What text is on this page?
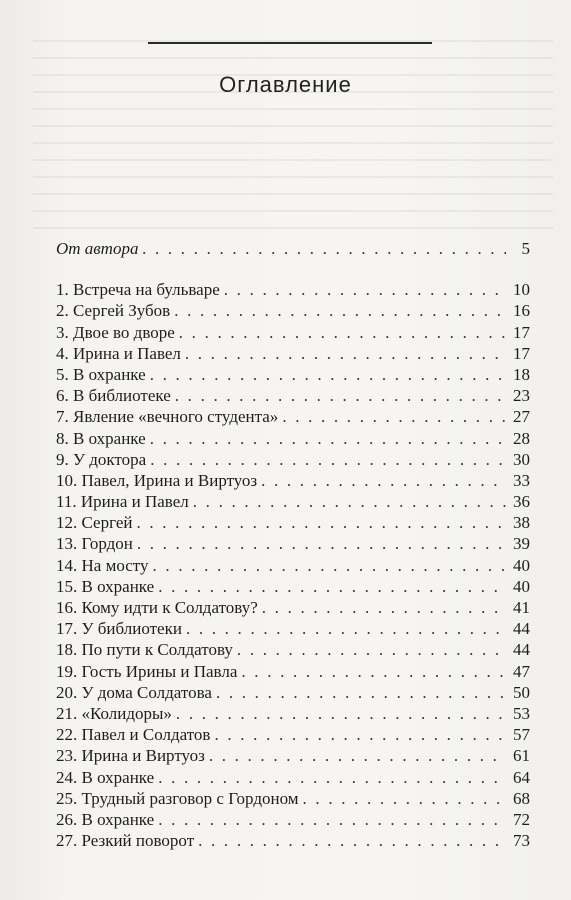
Оглавление
От автора . . .	5
1. Встреча на бульваре . . .	10
2. Сергей Зубов . . .	16
3. Двое во дворе . . .	17
4. Ирина и Павел . . .	17
5. В охранке . . .	18
6. В библиотеке . . .	23
7. Явление «вечного студента» . . .	27
8. В охранке . . .	28
9. У доктора . . .	30
10. Павел, Ирина и Виртуоз . . .	33
11. Ирина и Павел . . .	36
12. Сергей . . .	38
13. Гордон . . .	39
14. На мосту . . .	40
15. В охранке . . .	40
16. Кому идти к Солдатову? . . .	41
17. У библиотеки . . .	44
18. По пути к Солдатову . . .	44
19. Гость Ирины и Павла . . .	47
20. У дома Солдатова . . .	50
21. «Колидоры» . . .	53
22. Павел и Солдатов . . .	57
23. Ирина и Виртуоз . . .	61
24. В охранке . . .	64
25. Трудный разговор с Гордоном . . .	68
26. В охранке . . .	72
27. Резкий поворот . . .	73
